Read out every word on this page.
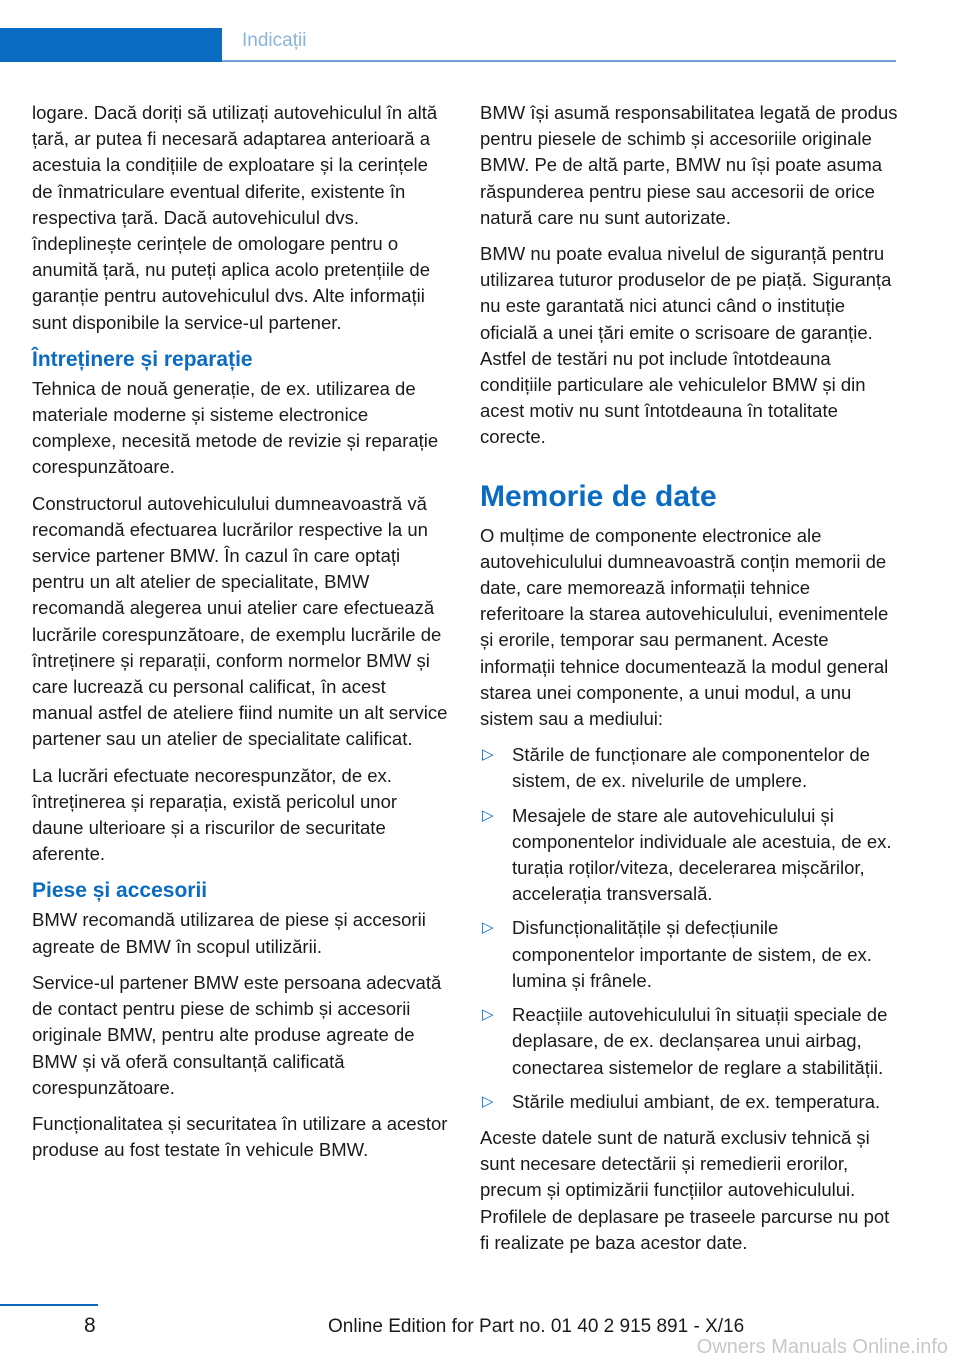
Indicații

logare. Dacă doriți să utilizați autovehiculul în altă țară, ar putea fi necesară adaptarea anterioară a acestuia la condițiile de exploatare și la cerințele de înmatriculare eventual diferite, existente în respectiva țară. Dacă autovehiculul dvs. îndeplinește cerințele de omologare pentru o anumită țară, nu puteți aplica acolo pretențiile de garanție pentru autovehiculul dvs. Alte informații sunt disponibile la service-ul partener.

Întreținere și reparație

Tehnica de nouă generație, de ex. utilizarea de materiale moderne și sisteme electronice complexe, necesită metode de revizie și reparație corespunzătoare.

Constructorul autovehiculului dumneavoastră vă recomandă efectuarea lucrărilor respective la un service partener BMW. În cazul în care optați pentru un alt atelier de specialitate, BMW recomandă alegerea unui atelier care efectuează lucrările corespunzătoare, de exemplu lucrările de întreținere și reparații, conform normelor BMW și care lucrează cu personal calificat, în acest manual astfel de ateliere fiind numite un alt service partener sau un atelier de specialitate calificat.

La lucrări efectuate necorespunzător, de ex. întreținerea și reparația, există pericolul unor daune ulterioare și a riscurilor de securitate aferente.

Piese și accesorii

BMW recomandă utilizarea de piese și accesorii agreate de BMW în scopul utilizării.

Service-ul partener BMW este persoana adecvată de contact pentru piese de schimb și accesorii originale BMW, pentru alte produse agreate de BMW și vă oferă consultanță calificată corespunzătoare.

Funcționalitatea și securitatea în utilizare a acestor produse au fost testate în vehicule BMW.

BMW își asumă responsabilitatea legată de produs pentru piesele de schimb și accesoriile originale BMW. Pe de altă parte, BMW nu își poate asuma răspunderea pentru piese sau accesorii de orice natură care nu sunt autorizate.

BMW nu poate evalua nivelul de siguranță pentru utilizarea tuturor produselor de pe piață. Siguranța nu este garantată nici atunci când o instituție oficială a unei țări emite o scrisoare de garanție. Astfel de testări nu pot include întotdeauna condițiile particulare ale vehiculelor BMW și din acest motiv nu sunt întotdeauna în totalitate corecte.

Memorie de date

O mulțime de componente electronice ale autovehiculului dumneavoastră conțin memorii de date, care memorează informații tehnice referitoare la starea autovehiculului, evenimentele și erorile, temporar sau permanent. Aceste informații tehnice documentează la modul general starea unei componente, a unui modul, a unu sistem sau a mediului:

▷ Stările de funcționare ale componentelor de sistem, de ex. nivelurile de umplere.
▷ Mesajele de stare ale autovehiculului și componentelor individuale ale acestuia, de ex. turația roților/viteza, decelerarea mișcărilor, accelerația transversală.
▷ Disfuncționalitățile și defecțiunile componentelor importante de sistem, de ex. lumina și frânele.
▷ Reacțiile autovehiculului în situații speciale de deplasare, de ex. declanșarea unui airbag, conectarea sistemelor de reglare a stabilității.
▷ Stările mediului ambiant, de ex. temperatura.

Aceste datele sunt de natură exclusiv tehnică și sunt necesare detectării și remedierii erorilor, precum și optimizării funcțiilor autovehiculului. Profilele de deplasare pe traseele parcurse nu pot fi realizate pe baza acestor date.

8	Online Edition for Part no. 01 40 2 915 891 - X/16
Owners Manuals Online.info
